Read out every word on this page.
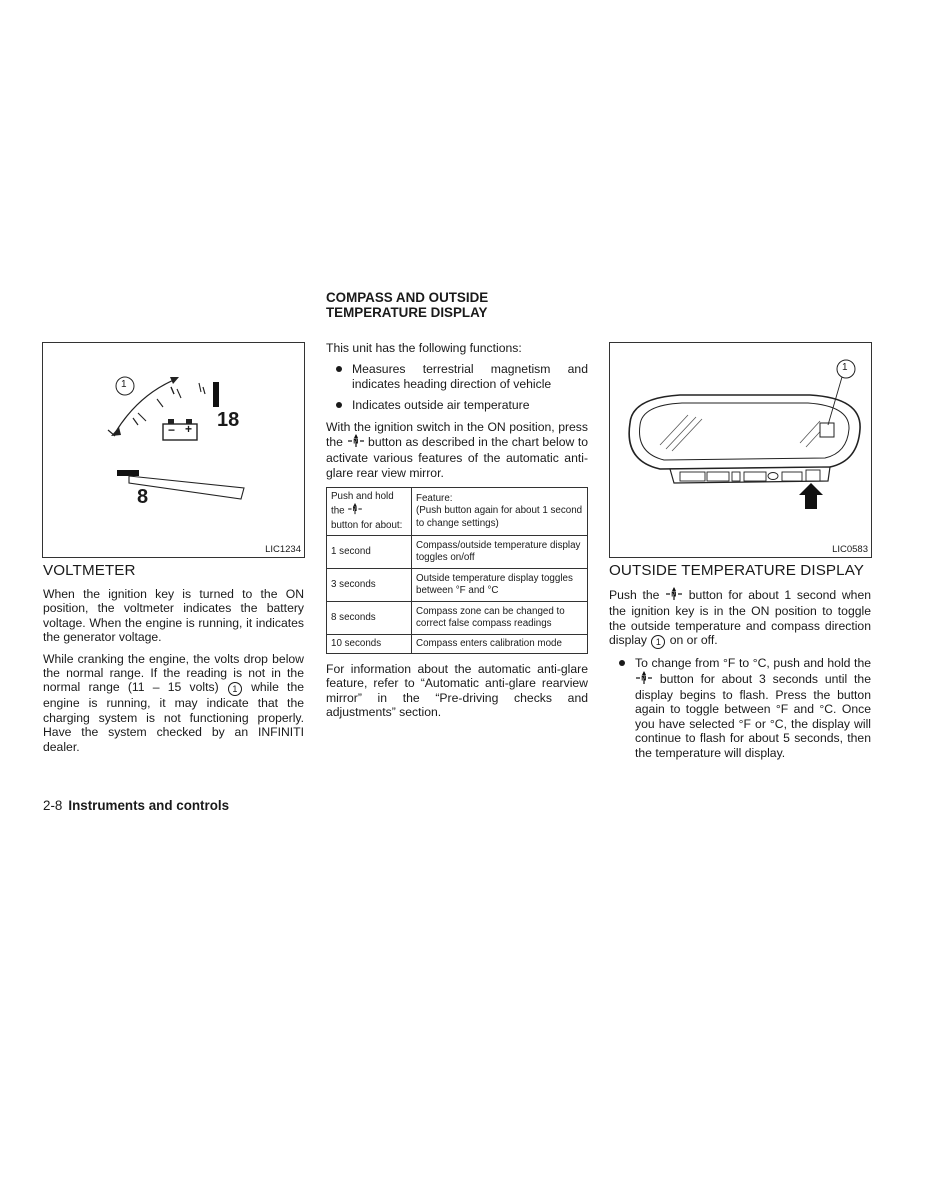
− +
1
18
8
LIC1234
VOLTMETER

When the ignition key is turned to the ON position, the voltmeter indicates the battery voltage. When the engine is running, it indicates the generator voltage.

While cranking the engine, the volts drop below the normal range. If the reading is not in the normal range (11 – 15 volts) 1 while the engine is running, it may indicate that the charging system is not functioning properly. Have the system checked by an INFINITI dealer.

COMPASS AND OUTSIDE
TEMPERATURE DISPLAY

This unit has the following functions:

Measures terrestrial magnetism and indicates heading direction of vehicle
Indicates outside air temperature

With the ignition switch in the ON position, press the N button as described in the chart below to activate various features of the automatic anti-glare rear view mirror.

Push and hold the N

button for about:	Feature:
(Push button again for about 1 second to change settings)
1 second	Compass/outside temperature display toggles on/off
3 seconds	Outside temperature display toggles between °F and °C
8 seconds	Compass zone can be changed to correct false compass readings
10 seconds	Compass enters calibration mode

For information about the automatic anti-glare feature, refer to “Automatic anti-glare rearview mirror” in the “Pre-driving checks and adjustments” section.

1
LIC0583
OUTSIDE TEMPERATURE DISPLAY

Push the N button for about 1 second when the ignition key is in the ON position to toggle the outside temperature and compass direction display 1 on or off.

To change from °F to °C, push and hold the
N button for about 3 seconds until the display begins to flash. Press the button again to toggle between °F and °C. Once you have selected °F or °C, the display will continue to flash for about 5 seconds, then the temperature will display.
2-8 Instruments and controls
